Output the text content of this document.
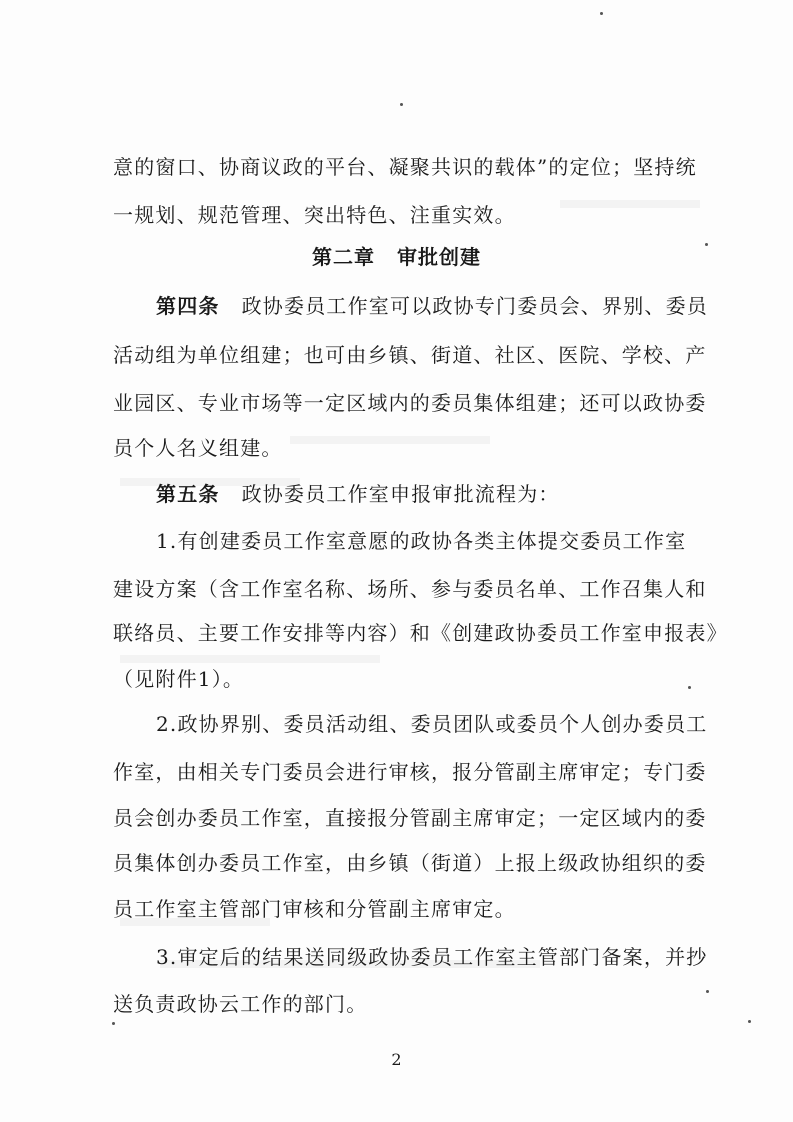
意的窗口、协商议政的平台、凝聚共识的载体”的定位；坚持统
一规划、规范管理、突出特色、注重实效。
第二章 审批创建
第四条 政协委员工作室可以政协专门委员会、界别、委员
活动组为单位组建；也可由乡镇、街道、社区、医院、学校、产
业园区、专业市场等一定区域内的委员集体组建；还可以政协委
员个人名义组建。
第五条 政协委员工作室申报审批流程为：
1.有创建委员工作室意愿的政协各类主体提交委员工作室
建设方案（含工作室名称、场所、参与委员名单、工作召集人和
联络员、主要工作安排等内容）和《创建政协委员工作室申报表》
（见附件1）。
2.政协界别、委员活动组、委员团队或委员个人创办委员工
作室，由相关专门委员会进行审核，报分管副主席审定；专门委
员会创办委员工作室，直接报分管副主席审定；一定区域内的委
员集体创办委员工作室，由乡镇（街道）上报上级政协组织的委
员工作室主管部门审核和分管副主席审定。
3.审定后的结果送同级政协委员工作室主管部门备案，并抄
送负责政协云工作的部门。
2
